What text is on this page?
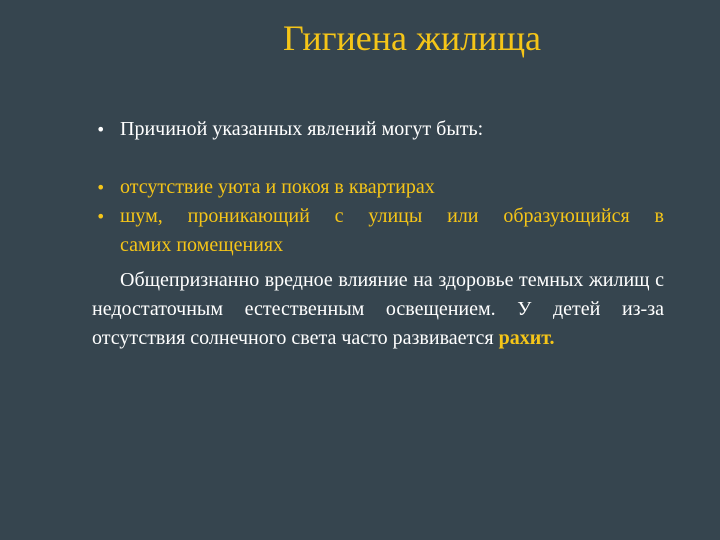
Гигиена жилища

• Причиной указанных явлений могут быть:

• отсутствие уюта и покоя в квартирах

• шум, проникающий с улицы или образующийся в
самих помещениях

Общепризнанно вредное влияние на здоровье темных жилищ с недостаточным естественным освещением. У детей из-за отсутствия солнечного света часто развивается рахит.
